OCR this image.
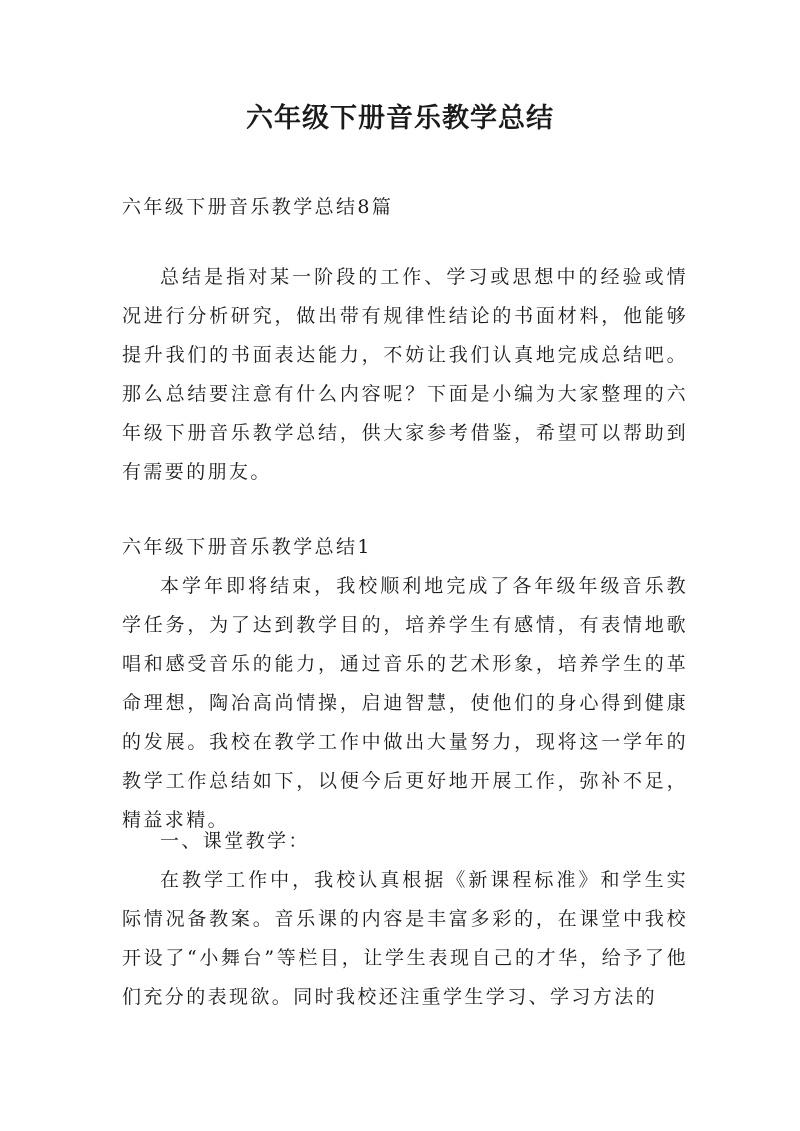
六年级下册音乐教学总结

六年级下册音乐教学总结8篇

总结是指对某一阶段的工作、学习或思想中的经验或情况进行分析研究，做出带有规律性结论的书面材料，他能够提升我们的书面表达能力，不妨让我们认真地完成总结吧。那么总结要注意有什么内容呢？下面是小编为大家整理的六年级下册音乐教学总结，供大家参考借鉴，希望可以帮助到有需要的朋友。

六年级下册音乐教学总结1

本学年即将结束，我校顺利地完成了各年级年级音乐教学任务，为了达到教学目的，培养学生有感情，有表情地歌唱和感受音乐的能力，通过音乐的艺术形象，培养学生的革命理想，陶冶高尚情操，启迪智慧，使他们的身心得到健康的发展。我校在教学工作中做出大量努力，现将这一学年的教学工作总结如下，以便今后更好地开展工作，弥补不足，精益求精。

一、课堂教学：

在教学工作中，我校认真根据《新课程标准》和学生实际情况备教案。音乐课的内容是丰富多彩的，在课堂中我校开设了“小舞台”等栏目，让学生表现自己的才华，给予了他们充分的表现欲。同时我校还注重学生学习、学习方法的
